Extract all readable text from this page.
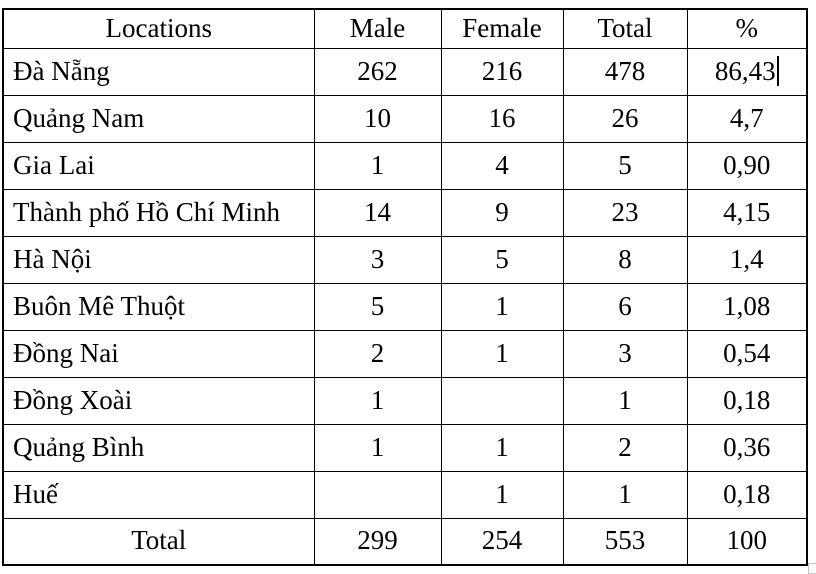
Locations	Male	Female	Total	%
Đà Nẵng	262	216	478	86,43
Quảng Nam	10	16	26	4,7
Gia Lai	1	4	5	0,90
Thành phố Hồ Chí Minh	14	9	23	4,15
Hà Nội	3	5	8	1,4
Buôn Mê Thuột	5	1	6	1,08
Đồng Nai	2	1	3	0,54
Đồng Xoài	1		1	0,18
Quảng Bình	1	1	2	0,36
Huế		1	1	0,18
Total	299	254	553	100
